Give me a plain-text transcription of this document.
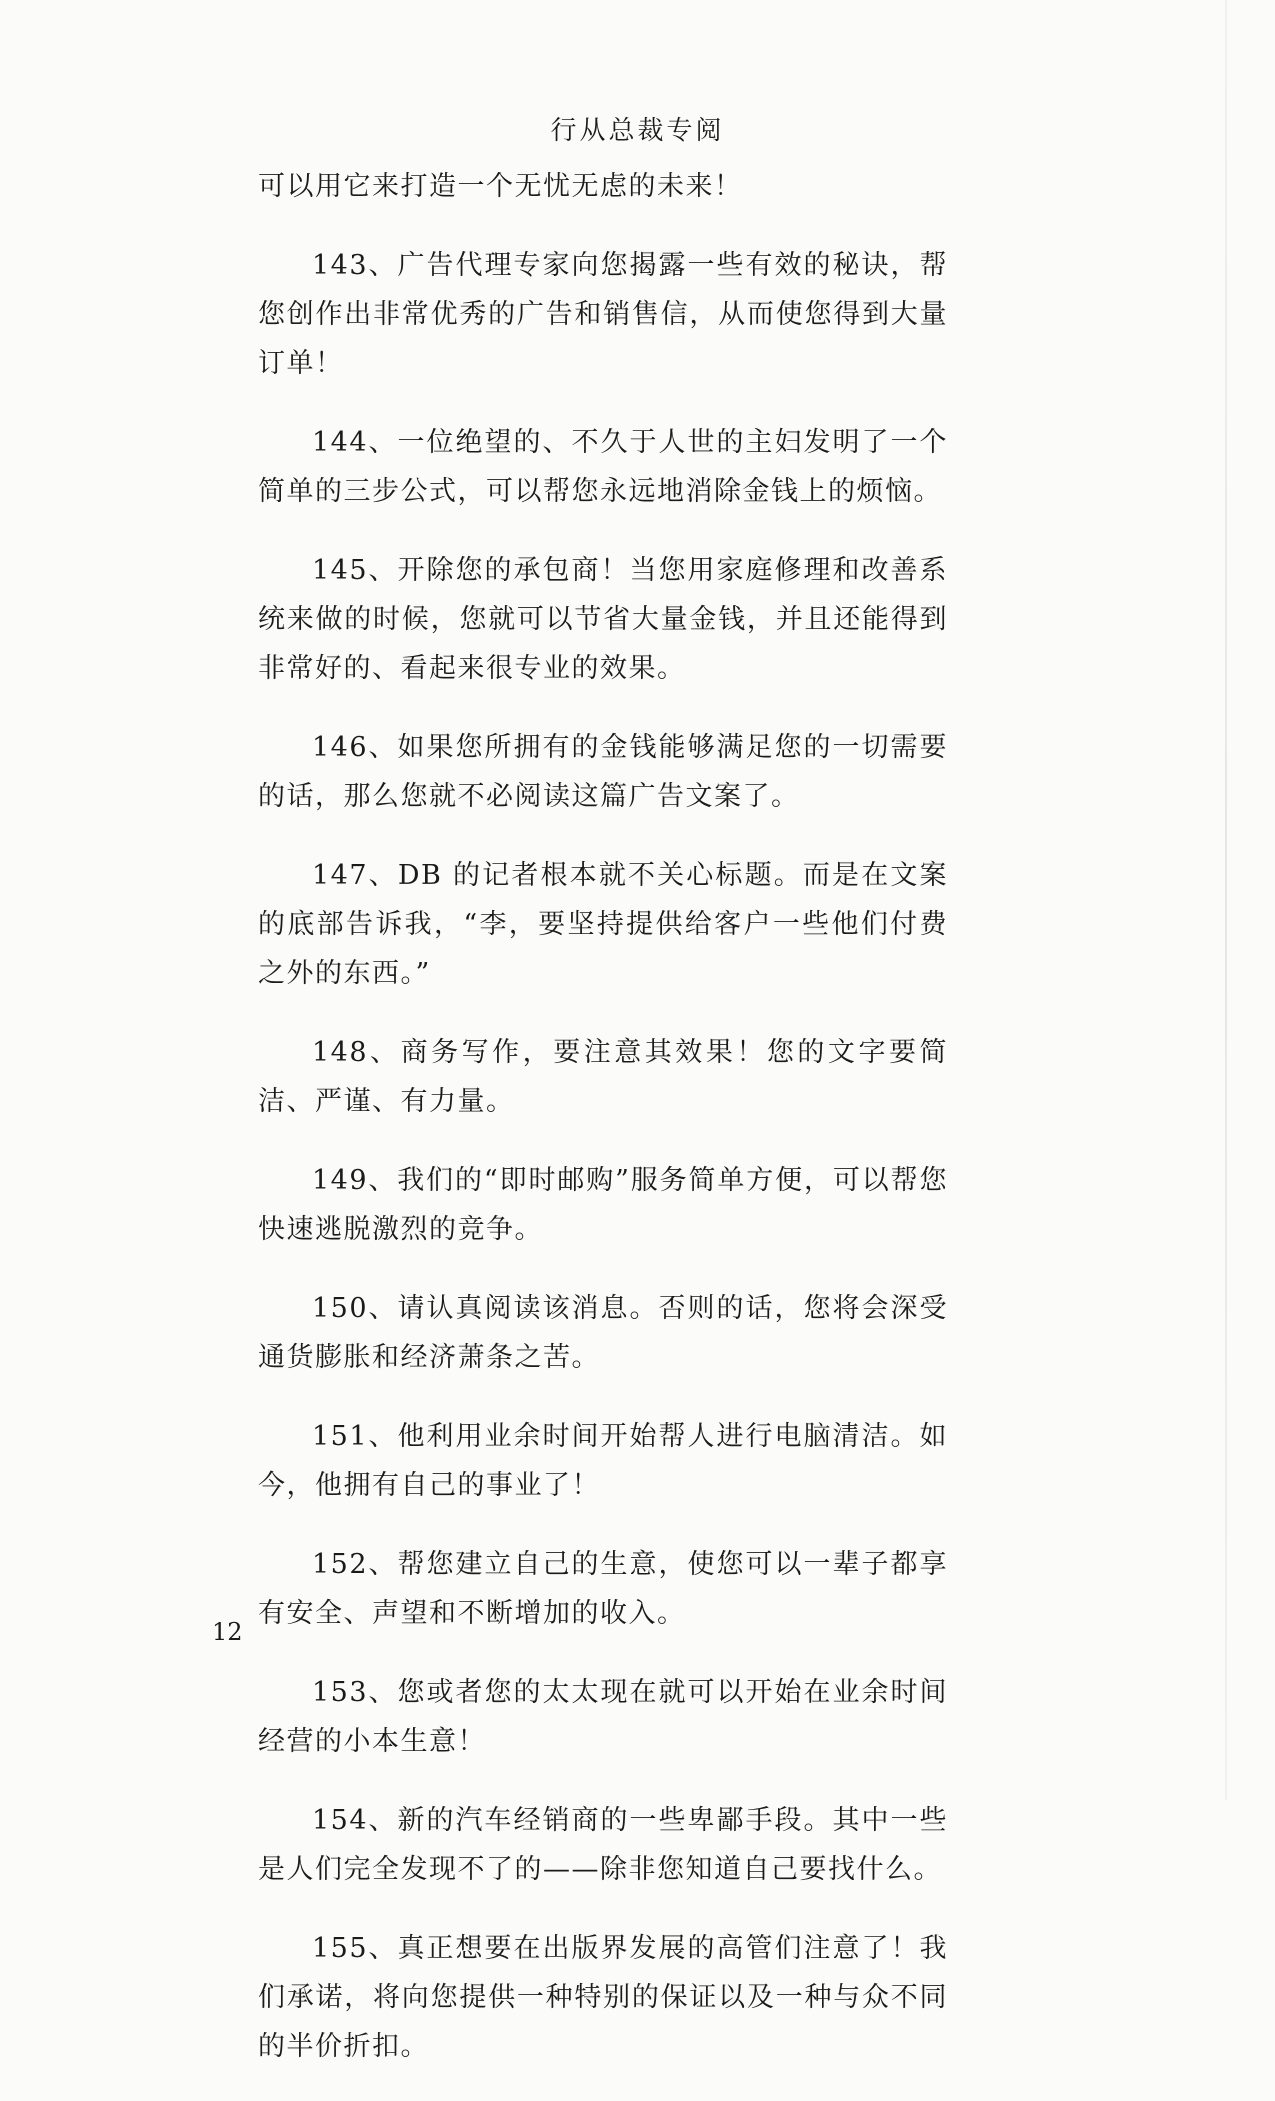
行从总裁专阅

可以用它来打造一个无忧无虑的未来！

143、广告代理专家向您揭露一些有效的秘诀，帮您创作出非常优秀的广告和销售信，从而使您得到大量订单！

144、一位绝望的、不久于人世的主妇发明了一个简单的三步公式，可以帮您永远地消除金钱上的烦恼。

145、开除您的承包商！当您用家庭修理和改善系统来做的时候，您就可以节省大量金钱，并且还能得到非常好的、看起来很专业的效果。

146、如果您所拥有的金钱能够满足您的一切需要的话，那么您就不必阅读这篇广告文案了。

147、DB 的记者根本就不关心标题。而是在文案的底部告诉我，“李，要坚持提供给客户一些他们付费之外的东西。”

148、商务写作，要注意其效果！您的文字要简洁、严谨、有力量。

149、我们的“即时邮购”服务简单方便，可以帮您快速逃脱激烈的竞争。

150、请认真阅读该消息。否则的话，您将会深受通货膨胀和经济萧条之苦。

151、他利用业余时间开始帮人进行电脑清洁。如今，他拥有自己的事业了！

152、帮您建立自己的生意，使您可以一辈子都享有安全、声望和不断增加的收入。

153、您或者您的太太现在就可以开始在业余时间经营的小本生意！

154、新的汽车经销商的一些卑鄙手段。其中一些是人们完全发现不了的——除非您知道自己要找什么。

155、真正想要在出版界发展的高管们注意了！我们承诺，将向您提供一种特别的保证以及一种与众不同的半价折扣。

12
